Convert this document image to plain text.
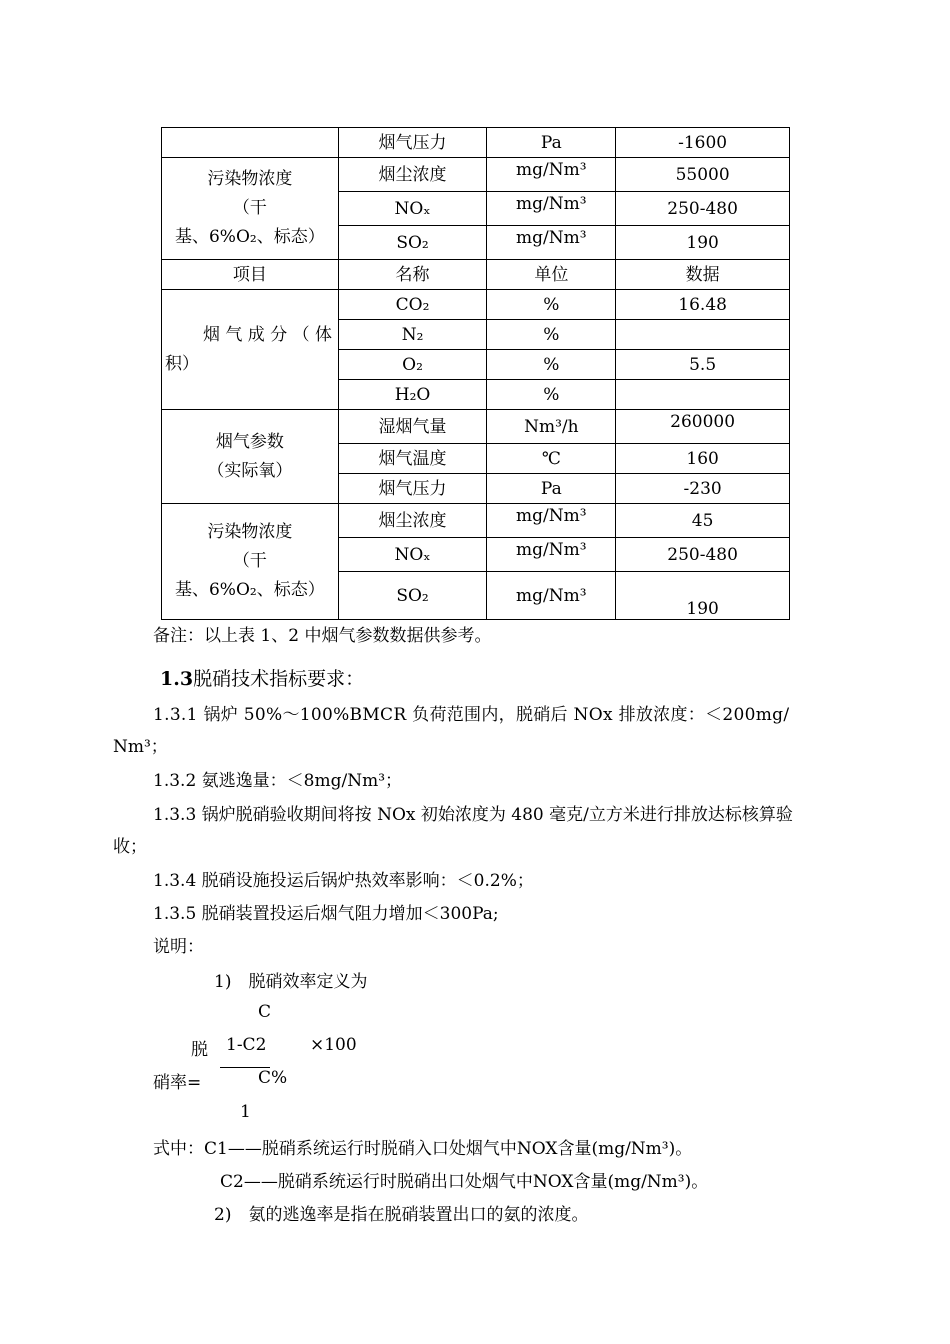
	烟气压力	Pa	-1600

污染物浓度
（干
基、6%O₂、标态）	烟尘浓度	mg/Nm³	55000
	NOₓ	mg/Nm³	250-480
	SO₂	mg/Nm³	190
项目	名称	单位	数据

烟 气 成 分 （ 体
积）	CO₂	%	16.48
	N₂	%	
	O₂	%	5.5
	H₂O	%	

烟气参数
（实际氧）	湿烟气量	Nm³/h	260000
	烟气温度	℃	160
	烟气压力	Pa	-230

污染物浓度
（干
基、6%O₂、标态）	烟尘浓度	mg/Nm³	45
	NOₓ	mg/Nm³	250-480
	SO₂	mg/Nm³	190
备注：以上表 1、2 中烟气参数数据供参考。
1.3脱硝技术指标要求：
1.3.1 锅炉 50%～100%BMCR 负荷范围内，脱硝后 NOx 排放浓度：＜200mg/
Nm³；
1.3.2 氨逃逸量：＜8mg/Nm³；
1.3.3 锅炉脱硝验收期间将按 NOx 初始浓度为 480 毫克/立方米进行排放达标核算验
收；
1.3.4 脱硝设施投运后锅炉热效率影响：＜0.2%；
1.3.5 脱硝装置投运后烟气阻力增加＜300Pa;
说明：
1)　脱硝效率定义为
C
脱 1-C2	×100
硝率=	C%
1
式中：C1——脱硝系统运行时脱硝入口处烟气中NOX含量(mg/Nm³)。
C2——脱硝系统运行时脱硝出口处烟气中NOX含量(mg/Nm³)。
2)　氨的逃逸率是指在脱硝装置出口的氨的浓度。
